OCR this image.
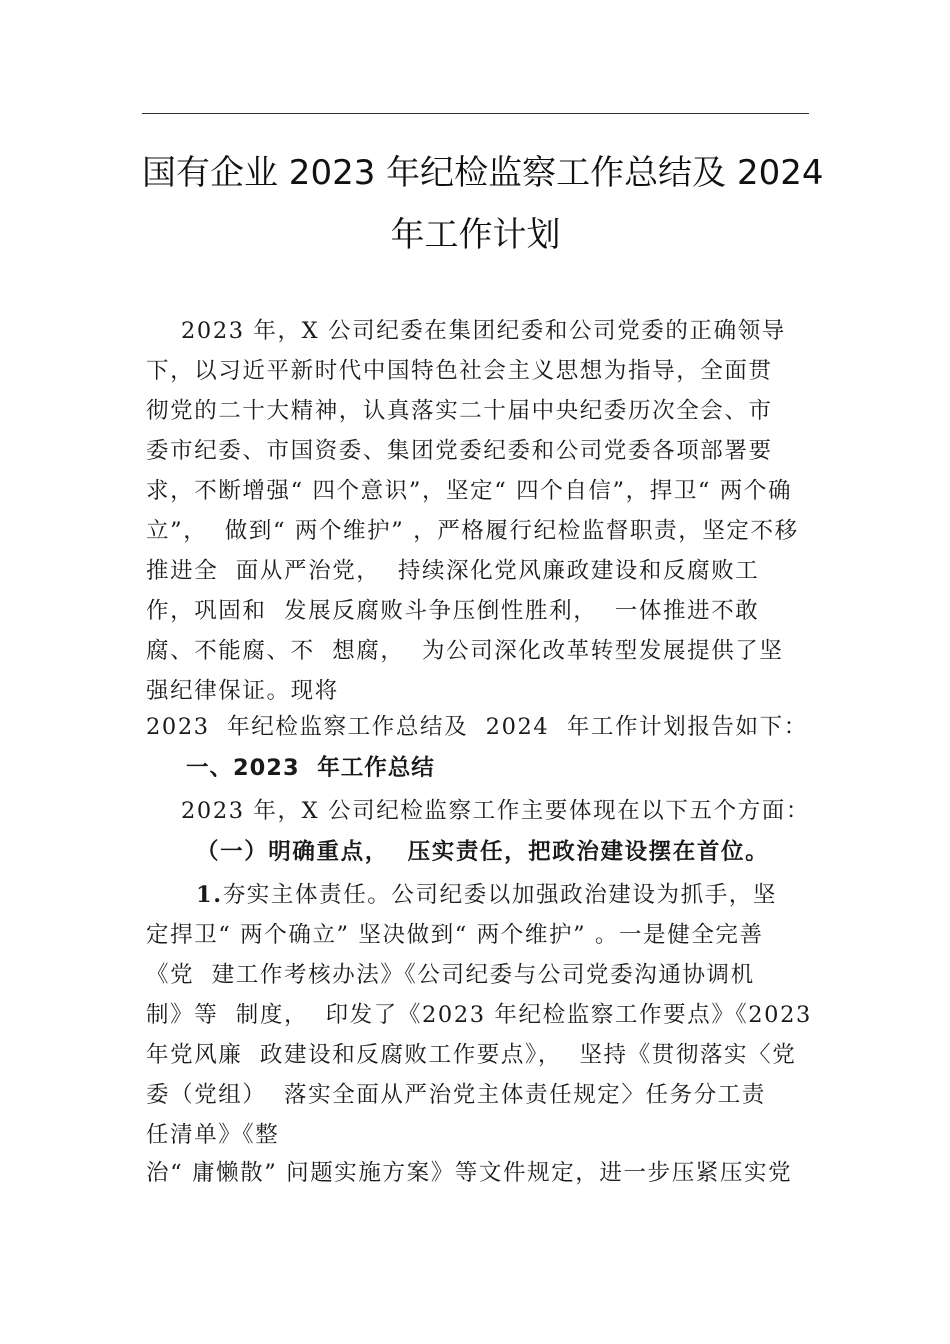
国有企业 2023 年纪检监察工作总结及 2024
年工作计划
2023 年，X 公司纪委在集团纪委和公司党委的正确领导
下，以习近平新时代中国特色社会主义思想为指导，全面贯
彻党的二十大精神，认真落实二十届中央纪委历次全会、市
委市纪委、市国资委、集团党委纪委和公司党委各项部署要
求，不断增强“ 四个意识”，坚定“ 四个自信”，捍卫“ 两个确
立”，  做到“ 两个维护” ，严格履行纪检监督职责，坚定不移
推进全  面从严治党，  持续深化党风廉政建设和反腐败工
作，巩固和  发展反腐败斗争压倒性胜利，  一体推进不敢
腐、不能腐、不  想腐，  为公司深化改革转型发展提供了坚
强纪律保证。现将
2023  年纪检监察工作总结及  2024  年工作计划报告如下：
一、2023  年工作总结
2023 年，X 公司纪检监察工作主要体现在以下五个方面：
（一）明确重点，  压实责任，把政治建设摆在首位。
1.夯实主体责任。公司纪委以加强政治建设为抓手，坚
定捍卫“ 两个确立” 坚决做到“ 两个维护” 。一是健全完善
《党  建工作考核办法》《公司纪委与公司党委沟通协调机
制》等  制度，  印发了《2023 年纪检监察工作要点》《2023
年党风廉  政建设和反腐败工作要点》，  坚持《贯彻落实〈党
委（党组）  落实全面从严治党主体责任规定〉任务分工责
任清单》《整
治“ 庸懒散” 问题实施方案》等文件规定，进一步压紧压实党
